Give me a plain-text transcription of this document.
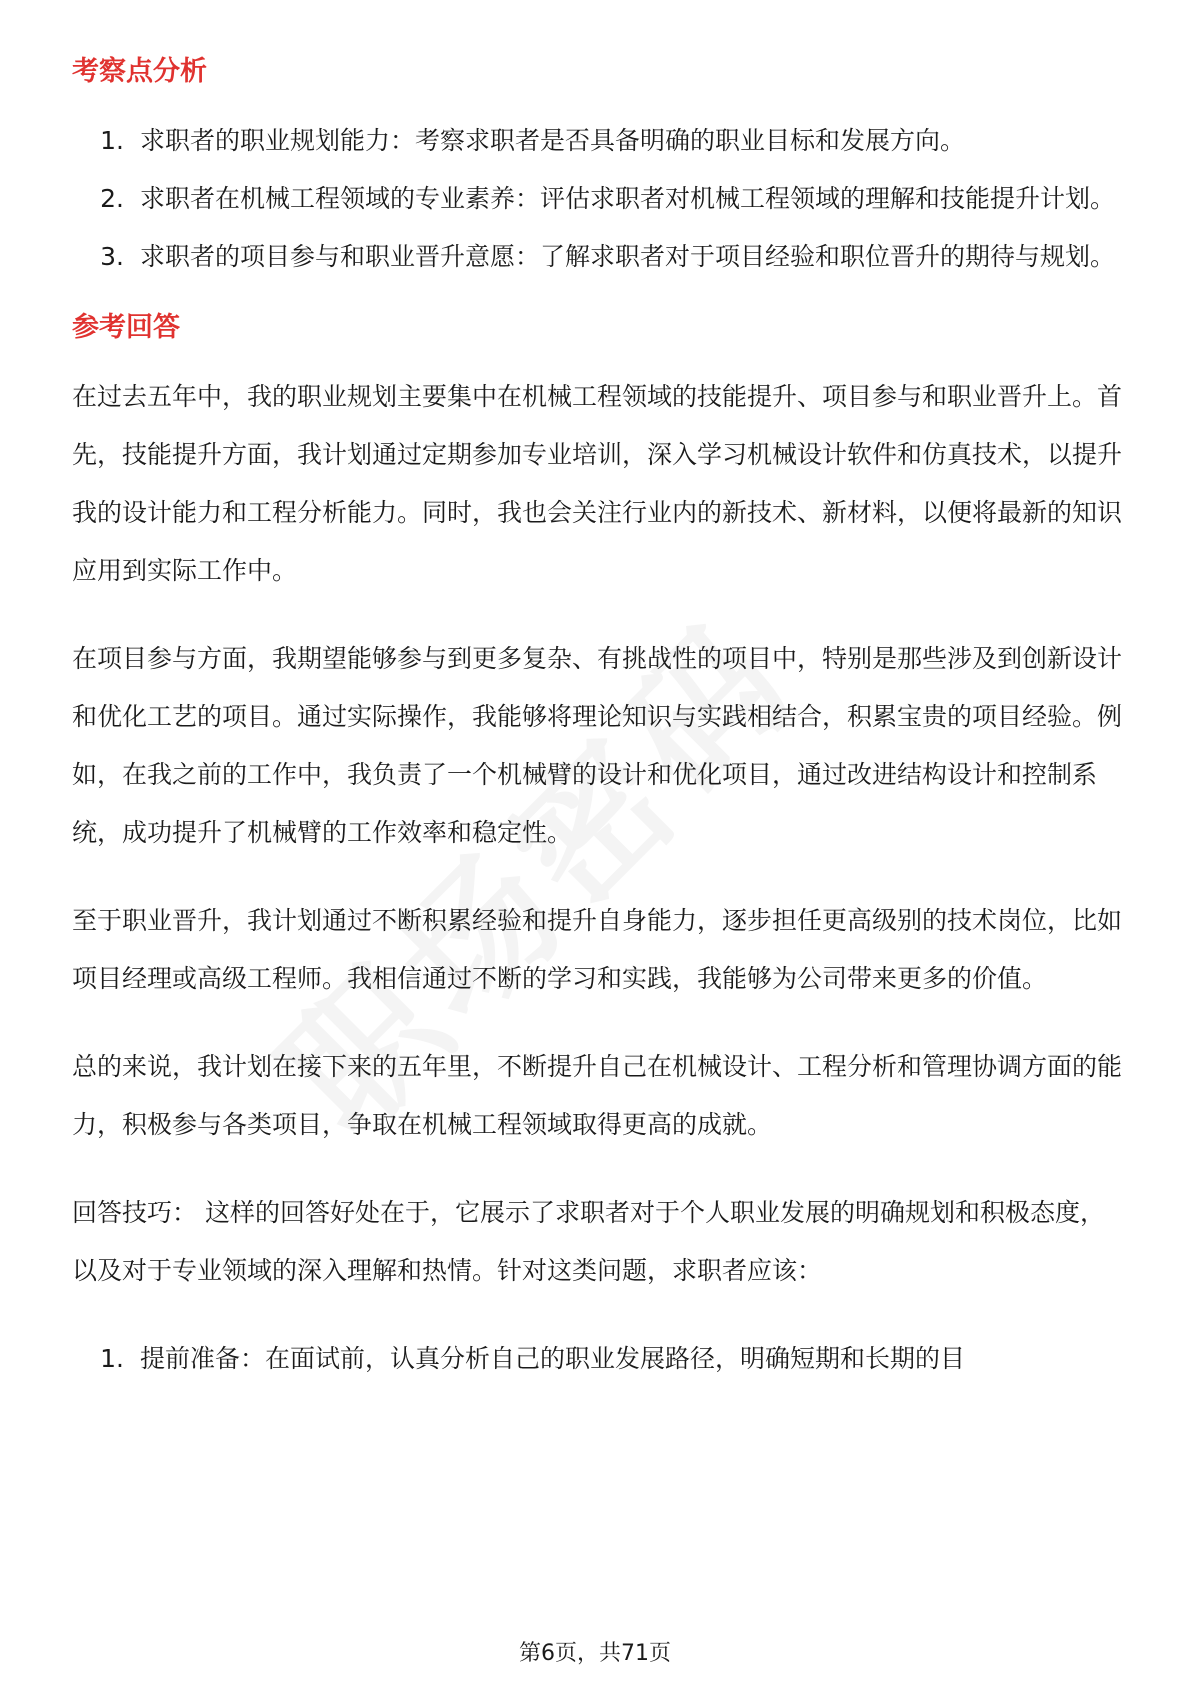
考察点分析
1. 求职者的职业规划能力：考察求职者是否具备明确的职业目标和发展方向。
2. 求职者在机械工程领域的专业素养：评估求职者对机械工程领域的理解和技能提升计划。
3. 求职者的项目参与和职业晋升意愿：了解求职者对于项目经验和职位晋升的期待与规划。
参考回答

在过去五年中，我的职业规划主要集中在机械工程领域的技能提升、项目参与和职业晋升上。首先，技能提升方面，我计划通过定期参加专业培训，深入学习机械设计软件和仿真技术，以提升我的设计能力和工程分析能力。同时，我也会关注行业内的新技术、新材料，以便将最新的知识应用到实际工作中。

在项目参与方面，我期望能够参与到更多复杂、有挑战性的项目中，特别是那些涉及到创新设计和优化工艺的项目。通过实际操作，我能够将理论知识与实践相结合，积累宝贵的项目经验。例如，在我之前的工作中，我负责了一个机械臂的设计和优化项目，通过改进结构设计和控制系统，成功提升了机械臂的工作效率和稳定性。

至于职业晋升，我计划通过不断积累经验和提升自身能力，逐步担任更高级别的技术岗位，比如项目经理或高级工程师。我相信通过不断的学习和实践，我能够为公司带来更多的价值。

总的来说，我计划在接下来的五年里，不断提升自己在机械设计、工程分析和管理协调方面的能力，积极参与各类项目，争取在机械工程领域取得更高的成就。

回答技巧： 这样的回答好处在于，它展示了求职者对于个人职业发展的明确规划和积极态度，以及对于专业领域的深入理解和热情。针对这类问题，求职者应该：

1. 提前准备：在面试前，认真分析自己的职业发展路径，明确短期和长期的目
第6页，共71页
